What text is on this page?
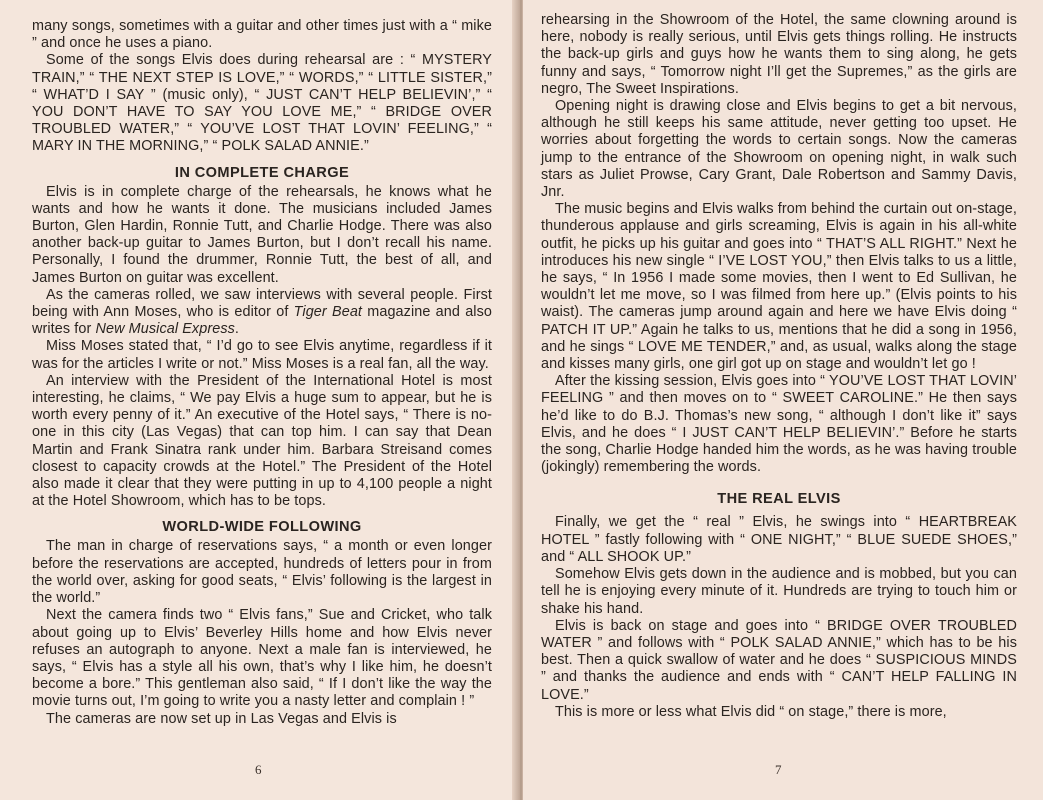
many songs, sometimes with a guitar and other times just with a “ mike ” and once he uses a piano.

Some of the songs Elvis does during rehearsal are : “ MYSTERY TRAIN,” “ THE NEXT STEP IS LOVE,” “ WORDS,” “ LITTLE SISTER,” “ WHAT’D I SAY ” (music only), “ JUST CAN’T HELP BELIEVIN’,” “ YOU DON’T HAVE TO SAY YOU LOVE ME,” “ BRIDGE OVER TROUBLED WATER,” “ YOU’VE LOST THAT LOVIN’ FEELING,” “ MARY IN THE MORNING,” “ POLK SALAD ANNIE.”

IN COMPLETE CHARGE

Elvis is in complete charge of the rehearsals, he knows what he wants and how he wants it done. The musicians included James Burton, Glen Hardin, Ronnie Tutt, and Charlie Hodge. There was also another back-up guitar to James Burton, but I don’t recall his name. Personally, I found the drummer, Ronnie Tutt, the best of all, and James Burton on guitar was excellent.

As the cameras rolled, we saw interviews with several people. First being with Ann Moses, who is editor of Tiger Beat magazine and also writes for New Musical Express.

Miss Moses stated that, “ I’d go to see Elvis anytime, regardless if it was for the articles I write or not.” Miss Moses is a real fan, all the way.

An interview with the President of the International Hotel is most interesting, he claims, “ We pay Elvis a huge sum to appear, but he is worth every penny of it.” An executive of the Hotel says, “ There is no-one in this city (Las Vegas) that can top him. I can say that Dean Martin and Frank Sinatra rank under him. Barbara Streisand comes closest to capacity crowds at the Hotel.” The President of the Hotel also made it clear that they were putting in up to 4,100 people a night at the Hotel Showroom, which has to be tops.

WORLD-WIDE FOLLOWING

The man in charge of reservations says, “ a month or even longer before the reservations are accepted, hundreds of letters pour in from the world over, asking for good seats, “ Elvis’ following is the largest in the world.”

Next the camera finds two “ Elvis fans,” Sue and Cricket, who talk about going up to Elvis’ Beverley Hills home and how Elvis never refuses an autograph to anyone. Next a male fan is interviewed, he says, “ Elvis has a style all his own, that’s why I like him, he doesn’t become a bore.” This gentleman also said, “ If I don’t like the way the movie turns out, I’m going to write you a nasty letter and complain ! ”

The cameras are now set up in Las Vegas and Elvis is

6

rehearsing in the Showroom of the Hotel, the same clowning around is here, nobody is really serious, until Elvis gets things rolling. He instructs the back-up girls and guys how he wants them to sing along, he gets funny and says, “ Tomorrow night I’ll get the Supremes,” as the girls are negro, The Sweet Inspirations.

Opening night is drawing close and Elvis begins to get a bit nervous, although he still keeps his same attitude, never getting too upset. He worries about forgetting the words to certain songs. Now the cameras jump to the entrance of the Showroom on opening night, in walk such stars as Juliet Prowse, Cary Grant, Dale Robertson and Sammy Davis, Jnr.

The music begins and Elvis walks from behind the curtain out on-stage, thunderous applause and girls screaming, Elvis is again in his all-white outfit, he picks up his guitar and goes into “ THAT’S ALL RIGHT.” Next he introduces his new single “ I’VE LOST YOU,” then Elvis talks to us a little, he says, “ In 1956 I made some movies, then I went to Ed Sullivan, he wouldn’t let me move, so I was filmed from here up.” (Elvis points to his waist). The cameras jump around again and here we have Elvis doing “ PATCH IT UP.” Again he talks to us, mentions that he did a song in 1956, and he sings “ LOVE ME TENDER,” and, as usual, walks along the stage and kisses many girls, one girl got up on stage and wouldn’t let go !

After the kissing session, Elvis goes into “ YOU’VE LOST THAT LOVIN’ FEELING ” and then moves on to “ SWEET CAROLINE.” He then says he’d like to do B.J. Thomas’s new song, “ although I don’t like it” says Elvis, and he does “ I JUST CAN’T HELP BELIEVIN’.” Before he starts the song, Charlie Hodge handed him the words, as he was having trouble (jokingly) remembering the words.

THE REAL ELVIS

Finally, we get the “ real ” Elvis, he swings into “ HEARTBREAK HOTEL ” fastly following with “ ONE NIGHT,” “ BLUE SUEDE SHOES,” and “ ALL SHOOK UP.”

Somehow Elvis gets down in the audience and is mobbed, but you can tell he is enjoying every minute of it. Hundreds are trying to touch him or shake his hand.

Elvis is back on stage and goes into “ BRIDGE OVER TROUBLED WATER ” and follows with “ POLK SALAD ANNIE,” which has to be his best. Then a quick swallow of water and he does “ SUSPICIOUS MINDS ” and thanks the audience and ends with “ CAN’T HELP FALLING IN LOVE.”

This is more or less what Elvis did “ on stage,” there is more,

7
